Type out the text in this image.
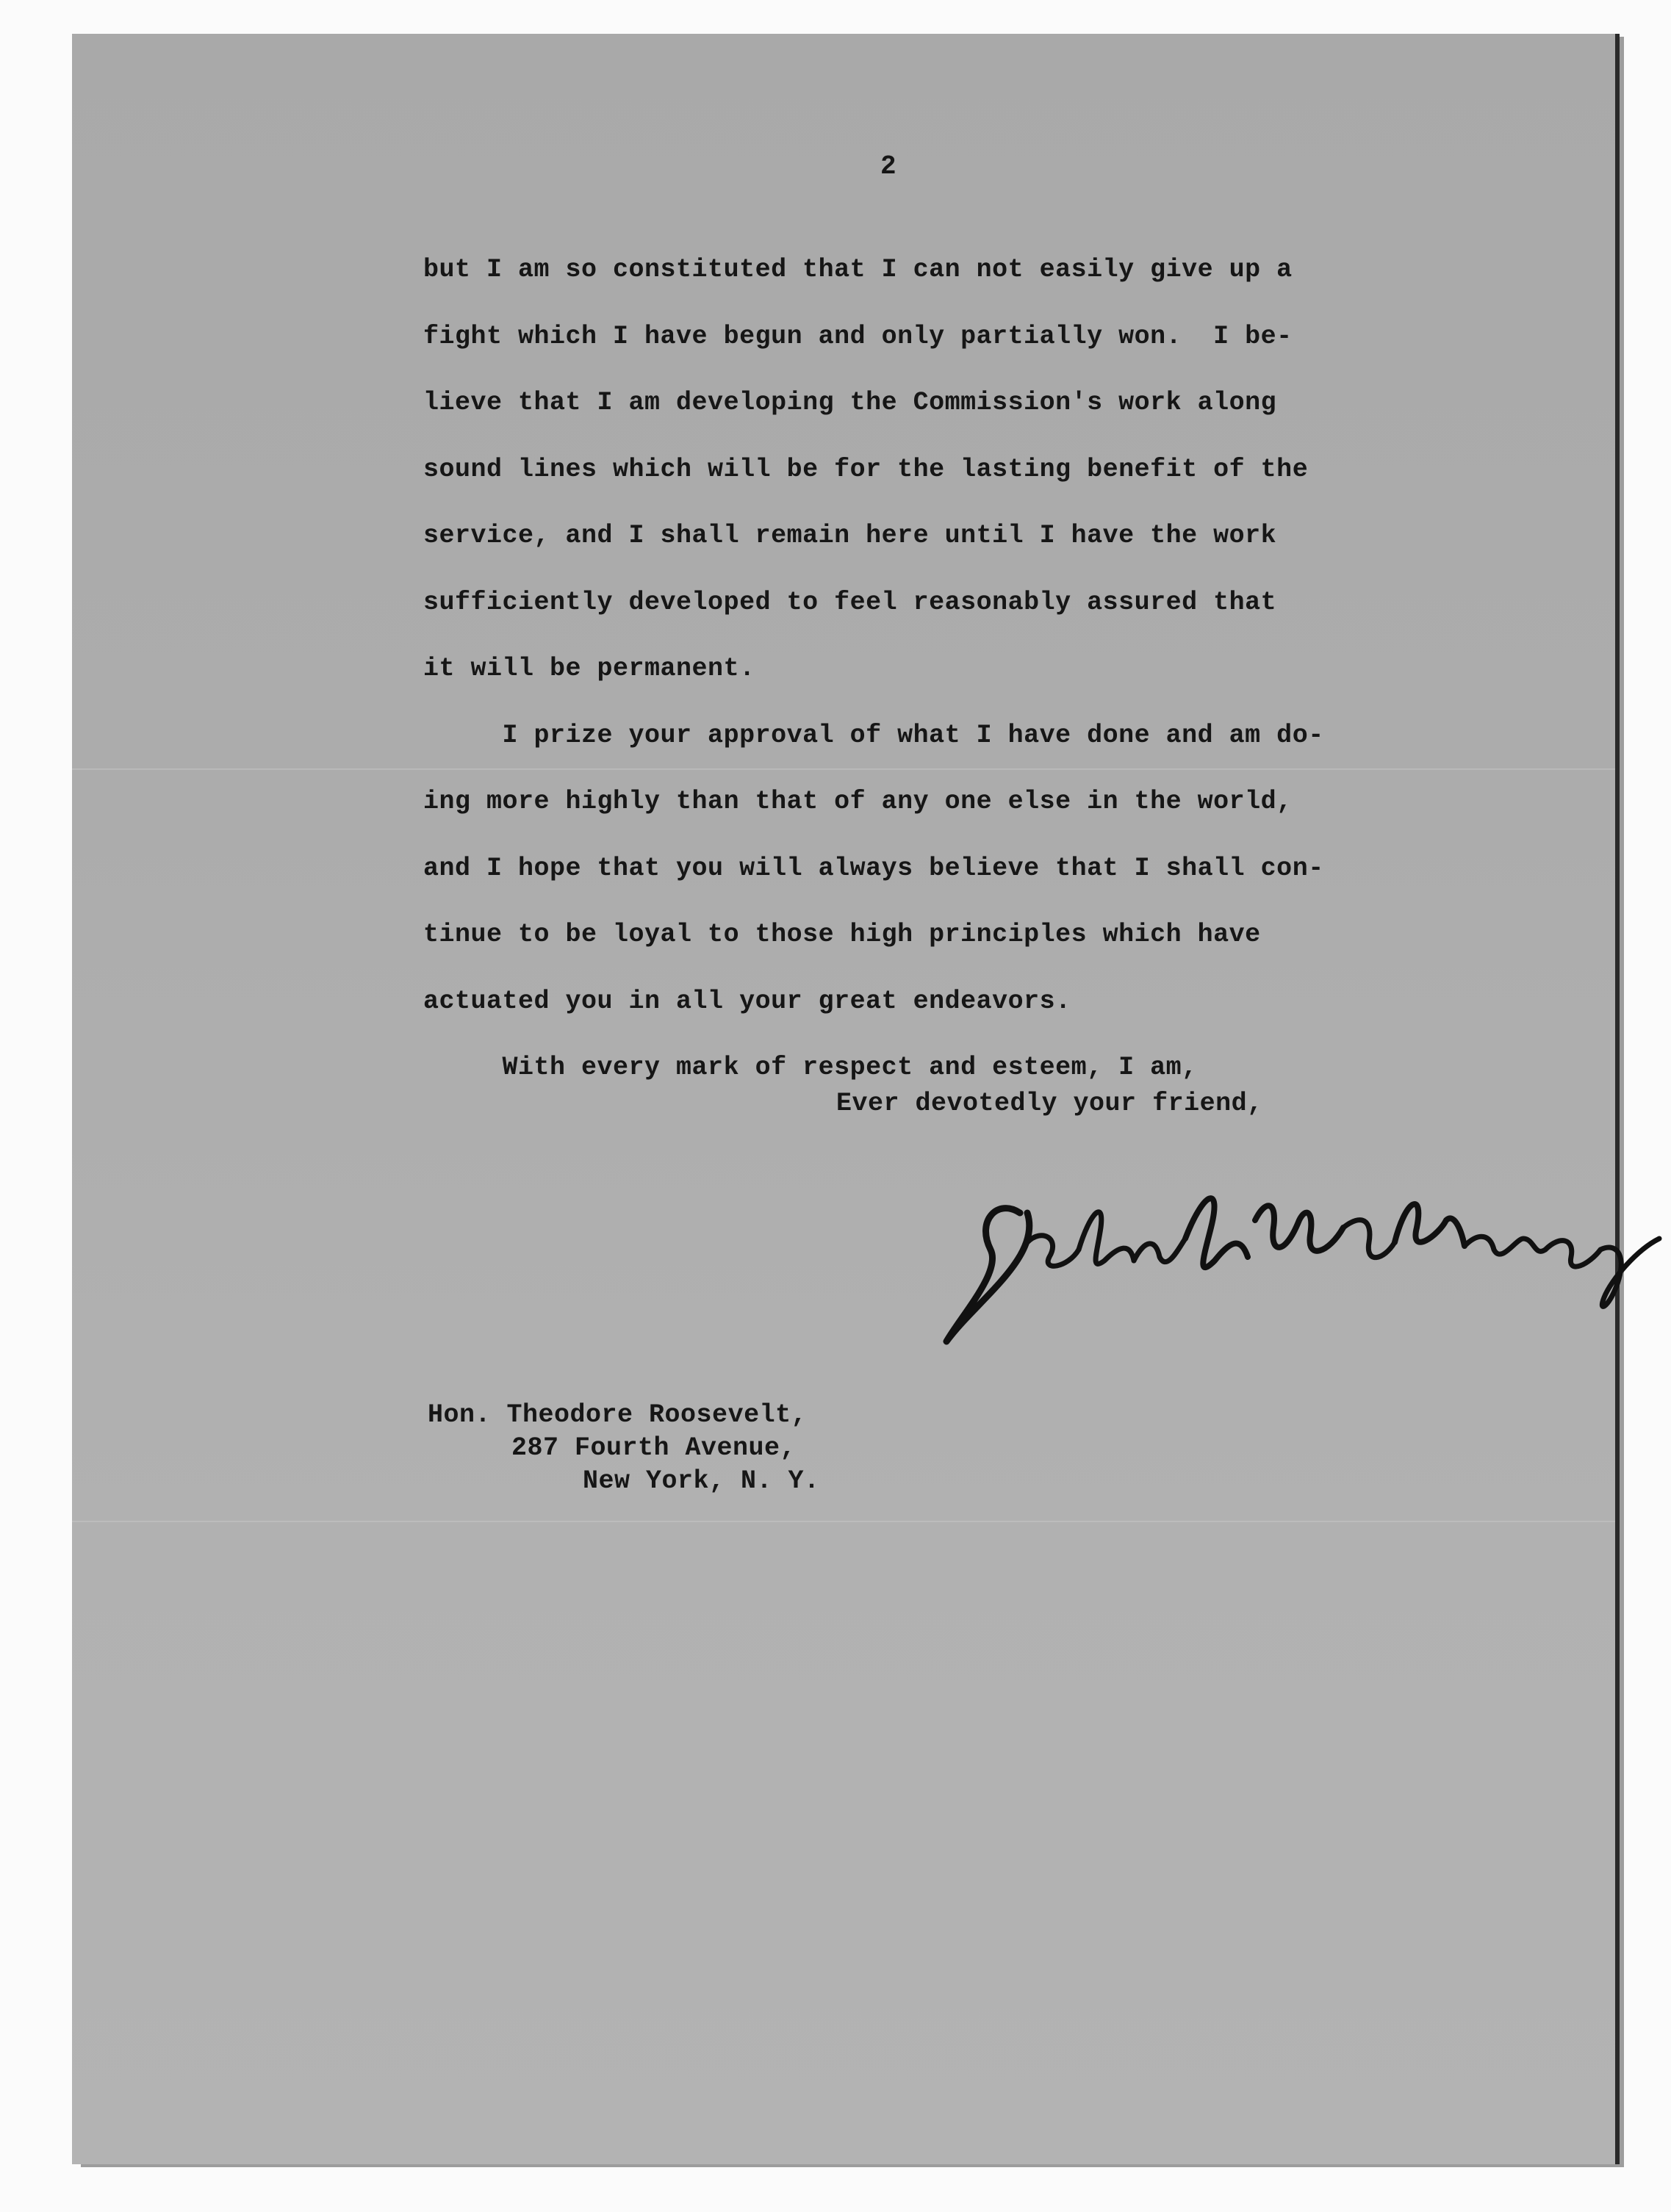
2
but I am so constituted that I can not easily give up a
fight which I have begun and only partially won.  I be-
lieve that I am developing the Commission's work along
sound lines which will be for the lasting benefit of the
service, and I shall remain here until I have the work
sufficiently developed to feel reasonably assured that
it will be permanent.
I prize your approval of what I have done and am do-
ing more highly than that of any one else in the world,
and I hope that you will always believe that I shall con-
tinue to be loyal to those high principles which have
actuated you in all your great endeavors.
With every mark of respect and esteem, I am,
Ever devotedly your friend,
Hon. Theodore Roosevelt,
287 Fourth Avenue,
New York, N. Y.
